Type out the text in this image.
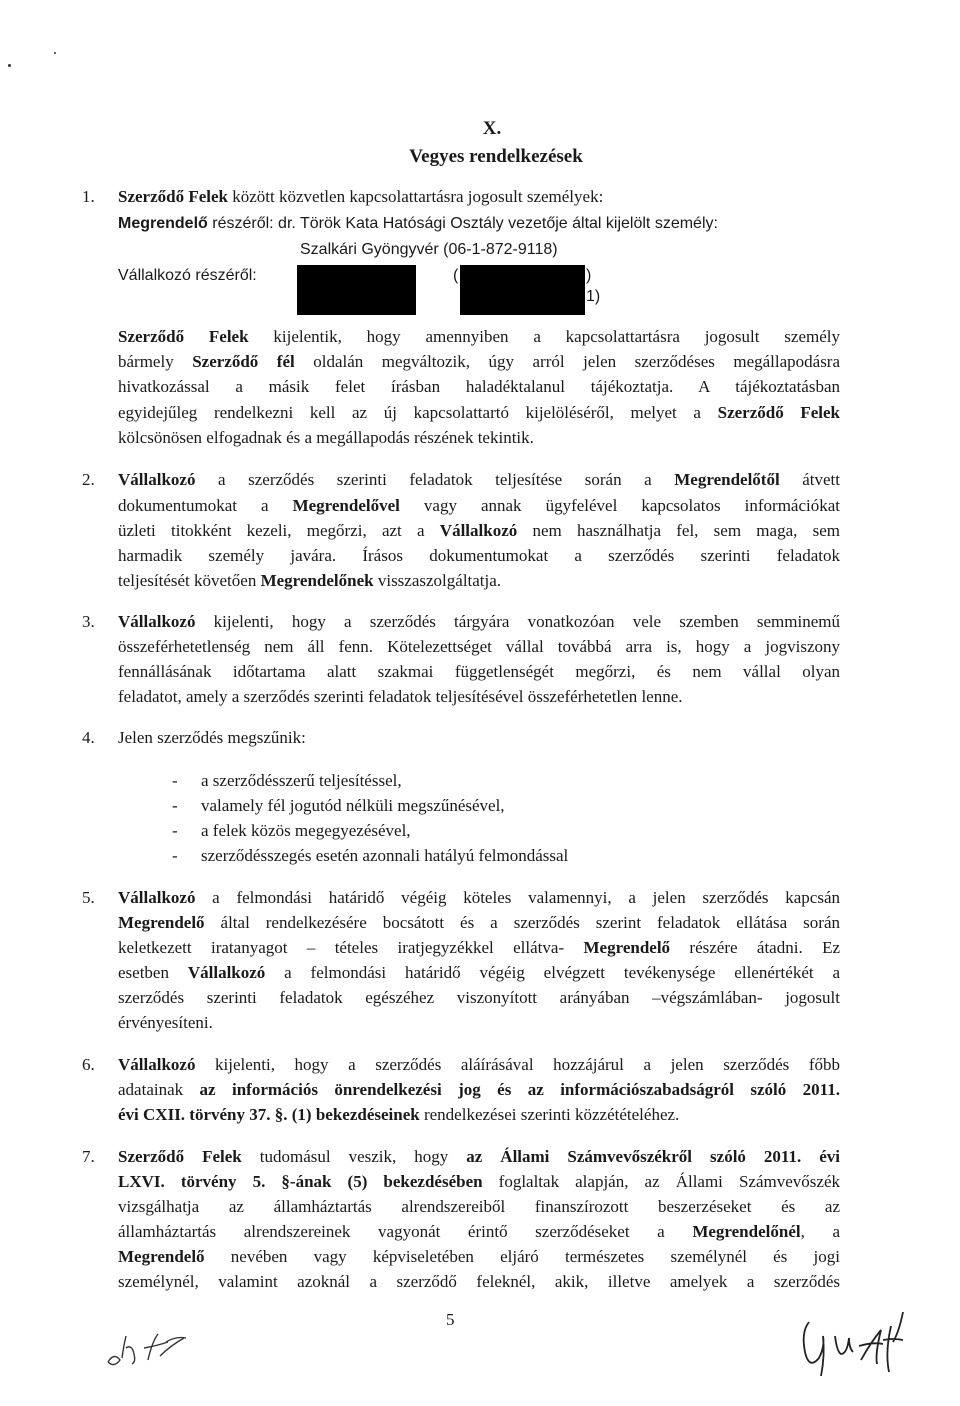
X.
Vegyes rendelkezések
1. Szerződő Felek között közvetlen kapcsolattartásra jogosult személyek:
Megrendelő részéről: dr. Török Kata Hatósági Osztály vezetője által kijelölt személy:
Szalkári Gyöngyvér (06-1-872-9118)
Vállalkozó részéről:	(	)
1)
Szerződő Felek kijelentik, hogy amennyiben a kapcsolattartásra jogosult személy
bármely Szerződő fél oldalán megváltozik, úgy arról jelen szerződéses megállapodásra
hivatkozással a másik felet írásban haladéktalanul tájékoztatja. A tájékoztatásban
egyidejűleg rendelkezni kell az új kapcsolattartó kijelöléséről, melyet a Szerződő Felek
kölcsönösen elfogadnak és a megállapodás részének tekintik.
2. Vállalkozó a szerződés szerinti feladatok teljesítése során a Megrendelőtől átvett
dokumentumokat a Megrendelővel vagy annak ügyfelével kapcsolatos információkat
üzleti titokként kezeli, megőrzi, azt a Vállalkozó nem használhatja fel, sem maga, sem
harmadik személy javára. Írásos dokumentumokat a szerződés szerinti feladatok
teljesítését követően Megrendelőnek visszaszolgáltatja.
3. Vállalkozó kijelenti, hogy a szerződés tárgyára vonatkozóan vele szemben semminemű
összeférhetetlenség nem áll fenn. Kötelezettséget vállal továbbá arra is, hogy a jogviszony
fennállásának időtartama alatt szakmai függetlenségét megőrzi, és nem vállal olyan
feladatot, amely a szerződés szerinti feladatok teljesítésével összeférhetetlen lenne.
4. Jelen szerződés megszűnik:
- a szerződésszerű teljesítéssel,
- valamely fél jogutód nélküli megszűnésével,
- a felek közös megegyezésével,
- szerződésszegés esetén azonnali hatályú felmondással
5. Vállalkozó a felmondási határidő végéig köteles valamennyi, a jelen szerződés kapcsán
Megrendelő által rendelkezésére bocsátott és a szerződés szerint feladatok ellátása során
keletkezett iratanyagot – tételes iratjegyzékkel ellátva- Megrendelő részére átadni. Ez
esetben Vállalkozó a felmondási határidő végéig elvégzett tevékenysége ellenértékét a
szerződés szerinti feladatok egészéhez viszonyított arányában –végszámlában- jogosult
érvényesíteni.
6. Vállalkozó kijelenti, hogy a szerződés aláírásával hozzájárul a jelen szerződés főbb
adatainak az információs önrendelkezési jog és az információszabadságról szóló 2011.
évi CXII. törvény 37. §. (1) bekezdéseinek rendelkezései szerinti közzétételéhez.
7. Szerződő Felek tudomásul veszik, hogy az Állami Számvevőszékről szóló 2011. évi
LXVI. törvény 5. §-ának (5) bekezdésében foglaltak alapján, az Állami Számvevőszék
vizsgálhatja az államháztartás alrendszereiből finanszírozott beszerzéseket és az
államháztartás alrendszereinek vagyonát érintő szerződéseket a Megrendelőnél, a
Megrendelő nevében vagy képviseletében eljáró természetes személynél és jogi
személynél, valamint azoknál a szerződő feleknél, akik, illetve amelyek a szerződés
5
